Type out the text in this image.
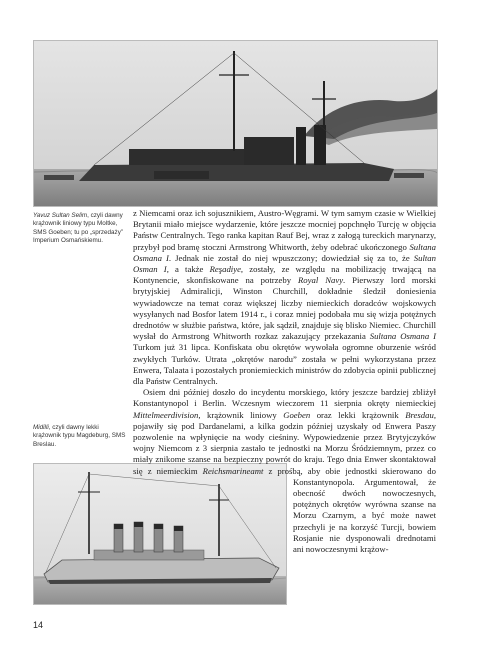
Yavuz Sultan Selim, czyli dawny krążownik liniowy typu Moltke, SMS Goeben; tu po „sprzedaży” Imperium Osmańskiemu.
Midilli, czyli dawny lekki krążownik typu Magdeburg, SMS Breslau.

z Niemcami oraz ich sojusznikiem, Austro-Węgrami. W tym samym czasie w Wielkiej Brytanii miało miejsce wydarzenie, które jeszcze mocniej popchnęło Turcję w objęcia Państw Centralnych. Tego ranka kapitan Rauf Bej, wraz z załogą tureckich marynarzy, przybył pod bramę stoczni Armstrong Whitworth, żeby odebrać ukończonego Sultana Osmana I. Jednak nie został do niej wpuszczony; dowiedział się za to, że Sultan Osman I, a także Reşadiye, zostały, ze względu na mobilizację trwającą na Kontynencie, skonfiskowane na potrzeby Royal Navy. Pierwszy lord morski brytyjskiej Admiralicji, Winston Churchill, dokładnie śledził doniesienia wywiadowcze na temat coraz większej liczby niemieckich doradców wojskowych wysyłanych nad Bosfor latem 1914 r., i coraz mniej podobała mu się wizja potężnych drednotów w służbie państwa, które, jak sądził, znajduje się blisko Niemiec. Churchill wysłał do Armstrong Whitworth rozkaz zakazujący przekazania Sultana Osmana I Turkom już 31 lipca. Konfiskata obu okrętów wywołała ogromne oburzenie wśród zwykłych Turków. Utrata „okrętów narodu” została w pełni wykorzystana przez Enwera, Talaata i pozostałych proniemieckich ministrów do zdobycia opinii publicznej dla Państw Centralnych.

Osiem dni później doszło do incydentu morskiego, który jeszcze bardziej zbliżył Konstantynopol i Berlin. Wczesnym wieczorem 11 sierpnia okręty niemieckiej Mittelmeerdivision, krążownik liniowy Goeben oraz lekki krążownik Bresdau, pojawiły się pod Dardanelami, a kilka godzin później uzyskały od Enwera Paszy pozwolenie na wpłynięcie na wody cieśniny. Wypowiedzenie przez Brytyjczyków wojny Niemcom z 3 sierpnia zastało te jednostki na Morzu Śródziemnym, przez co miały znikome szanse na bezpieczny powrót do kraju. Tego dnia Enwer skontaktował się z niemieckim
Reichsmarineamt z prośbą, aby obie jednostki skierowano do Konstantynopola. Argumentował, że obecność dwóch nowoczesnych, potężnych okrętów wyrówna szanse na Morzu Czarnym, a być może nawet przechyli je na korzyść Turcji, bowiem Rosjanie nie dysponowali drednotami ani nowoczesnymi krążow-

14
